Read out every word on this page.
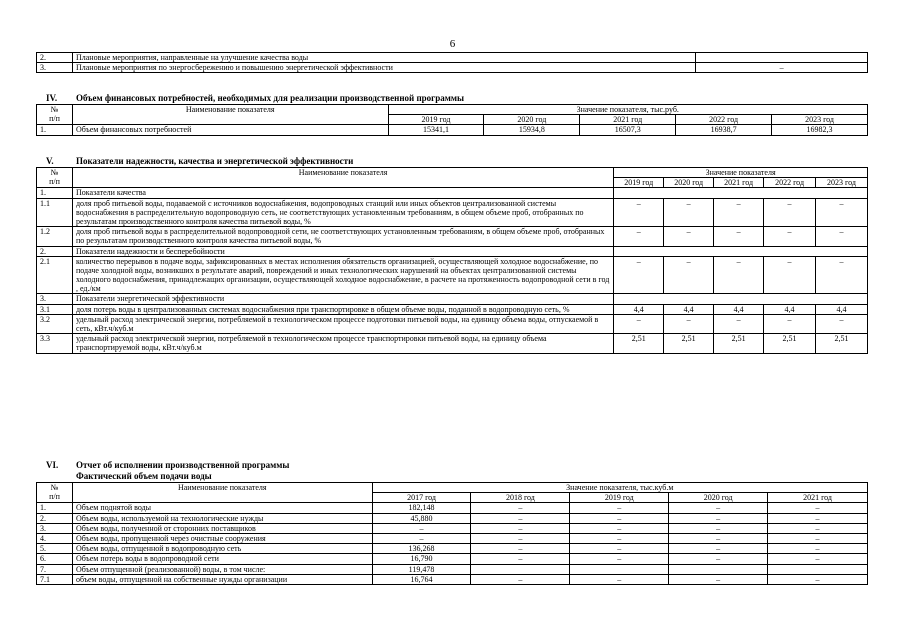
6
2.	Плановые мероприятия, направленные на улучшение качества воды	
3.	Плановые мероприятия по энергосбережению и повышению энергетической эффективности	–
IV. Объем финансовых потребностей, необходимых для реализации производственной программы
№
п/п	Наименование показателя	Значение показателя, тыс.руб.				
		2019 год	2020 год	2021 год	2022 год	2023 год
1.	Объем финансовых потребностей	15341,1	15934,8	16507,3	16938,7	16982,3
V. Показатели надежности, качества и энергетической эффективности
№
п/п	Наименование показателя	Значение показателя				
		2019 год	2020 год	2021 год	2022 год	2023 год
1.	Показатели качества					
1.1	доля проб питьевой воды, подаваемой с источников водоснабжения, водопроводных станций или иных объектов централизованной системы водоснабжения в распределительную водопроводную сеть, не соответствующих установленным требованиям, в общем объеме проб, отобранных по результатам производственного контроля качества питьевой воды, %	–	–	–	–	–
1.2	доля проб питьевой воды в распределительной водопроводной сети, не соответствующих установленным требованиям, в общем объеме проб, отобранных по результатам производственного контроля качества питьевой воды, %	–	–	–	–	–
2.	Показатели надежности и бесперебойности					
2.1	количество перерывов в подаче воды, зафиксированных в местах исполнения обязательств организацией, осуществляющей холодное водоснабжение, по подаче холодной воды, возникших в результате аварий, повреждений и иных технологических нарушений на объектах централизованной системы холодного водоснабжения, принадлежащих организации, осуществляющей холодное водоснабжение, в расчете на протяженность водопроводной сети в год , ед./км	–	–	–	–	–
3.	Показатели энергетической эффективности					
3.1	доля потерь воды в централизованных системах водоснабжения при транспортировке в общем объеме воды, поданной в водопроводную сеть, %	4,4	4,4	4,4	4,4	4,4
3.2	удельный расход электрической энергии, потребляемой в технологическом процессе подготовки питьевой воды, на единицу объема воды, отпускаемой в сеть, кВт.ч/куб.м	–	–	–	–	–
3.3	удельный расход электрической энергии, потребляемой в технологическом процессе транспортировки питьевой воды, на единицу объема транспортируемой воды, кВт.ч/куб.м	2,51	2,51	2,51	2,51	2,51
VI. Отчет об исполнении производственной программы
Фактический объем подачи воды
№
п/п	Наименование показателя	Значение показателя, тыс.куб.м				
		2017 год	2018 год	2019 год	2020 год	2021 год
1.	Объем поднятой воды	182,148	–	–	–	–
2.	Объем воды, используемой на технологические нужды	45,880	–	–	–	–
3.	Объем воды, полученной от сторонних поставщиков	–	–	–	–	–
4.	Объем воды, пропущенной через очистные сооружения	–	–	–	–	–
5.	Объем воды, отпущенной в водопроводную сеть	136,268	–	–	–	–
6.	Объем потерь воды в водопроводной сети	16,790	–	–	–	–
7.	Объем отпущенной (реализованной) воды, в том числе:	119,478				
7.1	объем воды, отпущенной на собственные нужды организации	16,764	–	–	–	–
